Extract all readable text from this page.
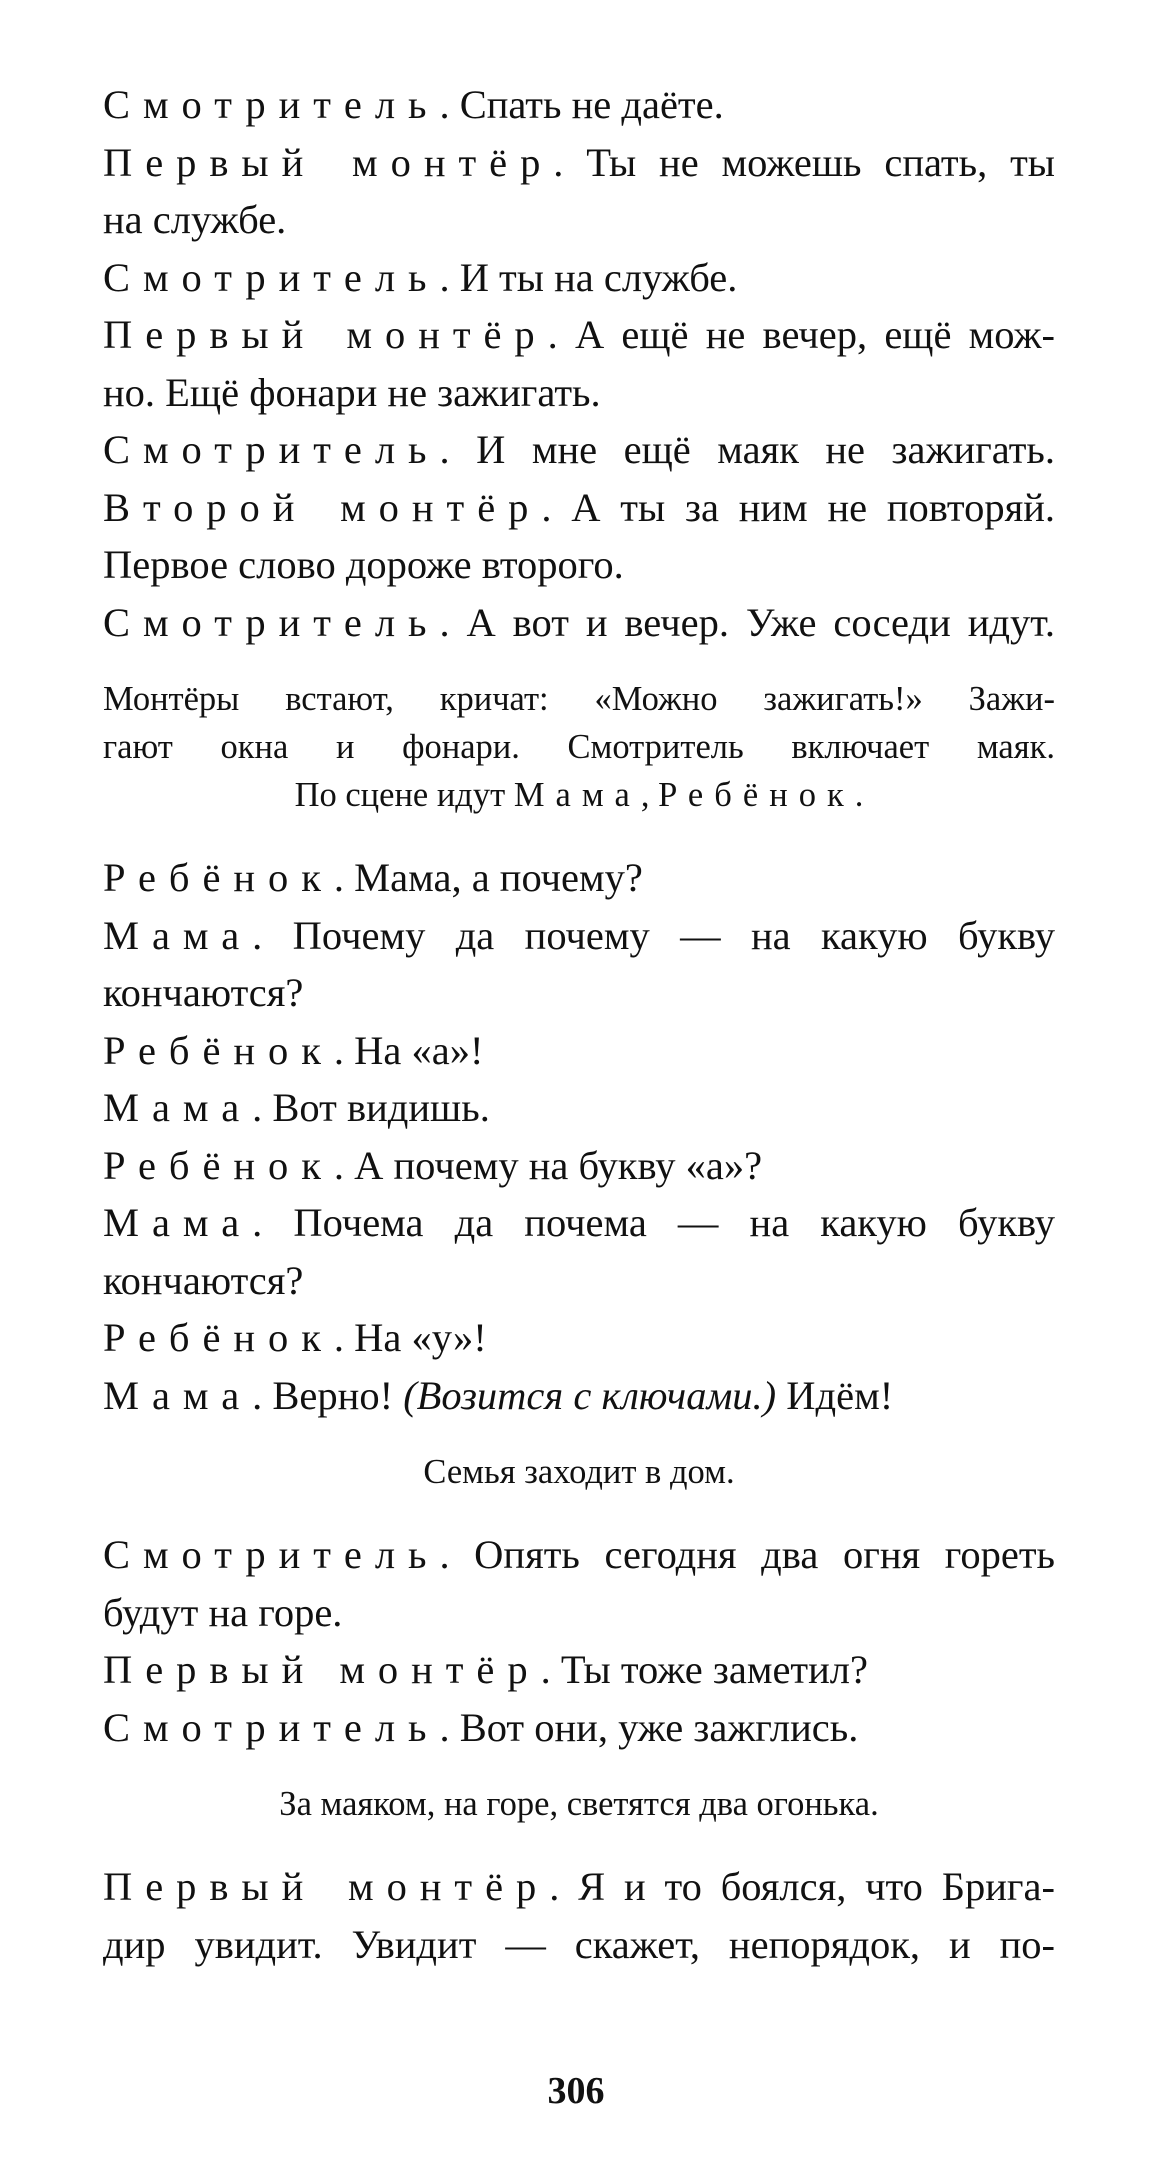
Смотритель. Спать не даёте.
Первый монтёр. Ты не можешь спать, ты
на службе.
Смотритель. И ты на службе.
Первый монтёр. А ещё не вечер, ещё мож-
но. Ещё фонари не зажигать.
Смотритель. И мне ещё маяк не зажигать.
Второй монтёр. А ты за ним не повторяй.
Первое слово дороже второго.
Смотритель. А вот и вечер. Уже соседи идут.
Монтёры встают, кричат: «Можно зажигать!» Зажи-
гают окна и фонари. Смотритель включает маяк.
По сцене идут Мама, Ребёнок.
Ребёнок. Мама, а почему?
Мама. Почему да почему — на какую букву
кончаются?
Ребёнок. На «а»!
Мама. Вот видишь.
Ребёнок. А почему на букву «а»?
Мама. Почема да почема — на какую букву
кончаются?
Ребёнок. На «у»!
Мама. Верно! (Возится с ключами.) Идём!
Семья заходит в дом.
Смотритель. Опять сегодня два огня гореть
будут на горе.
Первый монтёр. Ты тоже заметил?
Смотритель. Вот они, уже зажглись.
За маяком, на горе, светятся два огонька.
Первый монтёр. Я и то боялся, что Бригa-
дир увидит. Увидит — скажет, непорядок, и по-
306
